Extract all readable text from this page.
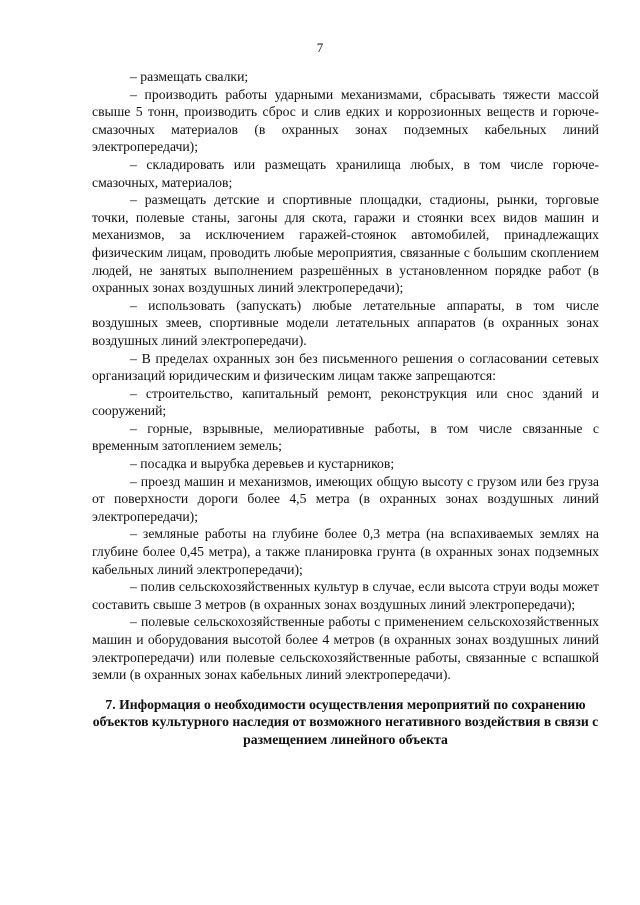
7

– размещать свалки;

– производить работы ударными механизмами, сбрасывать тяжести массой свыше 5 тонн, производить сброс и слив едких и коррозионных веществ и горюче-смазочных материалов (в охранных зонах подземных кабельных линий электропередачи);

– складировать или размещать хранилища любых, в том числе горюче-смазочных, материалов;

– размещать детские и спортивные площадки, стадионы, рынки, торговые точки, полевые станы, загоны для скота, гаражи и стоянки всех видов машин и механизмов, за исключением гаражей-стоянок автомобилей, принадлежащих физическим лицам, проводить любые мероприятия, связанные с большим скоплением людей, не занятых выполнением разрешённых в установленном порядке работ (в охранных зонах воздушных линий электропередачи);

– использовать (запускать) любые летательные аппараты, в том числе воздушных змеев, спортивные модели летательных аппаратов (в охранных зонах воздушных линий электропередачи).

– В пределах охранных зон без письменного решения о согласовании сетевых организаций юридическим и физическим лицам также запрещаются:

– строительство, капитальный ремонт, реконструкция или снос зданий и сооружений;

– горные, взрывные, мелиоративные работы, в том числе связанные с временным затоплением земель;

– посадка и вырубка деревьев и кустарников;

– проезд машин и механизмов, имеющих общую высоту с грузом или без груза от поверхности дороги более 4,5 метра (в охранных зонах воздушных линий электропередачи);

– земляные работы на глубине более 0,3 метра (на вспахиваемых землях на глубине более 0,45 метра), а также планировка грунта (в охранных зонах подземных кабельных линий электропередачи);

– полив сельскохозяйственных культур в случае, если высота струи воды может составить свыше 3 метров (в охранных зонах воздушных линий электропередачи);

– полевые сельскохозяйственные работы с применением сельскохозяйственных машин и оборудования высотой более 4 метров (в охранных зонах воздушных линий электропередачи) или полевые сельскохозяйственные работы, связанные с вспашкой земли (в охранных зонах кабельных линий электропередачи).

7. Информация о необходимости осуществления мероприятий по сохранению объектов культурного наследия от возможного негативного воздействия в связи с размещением линейного объекта
